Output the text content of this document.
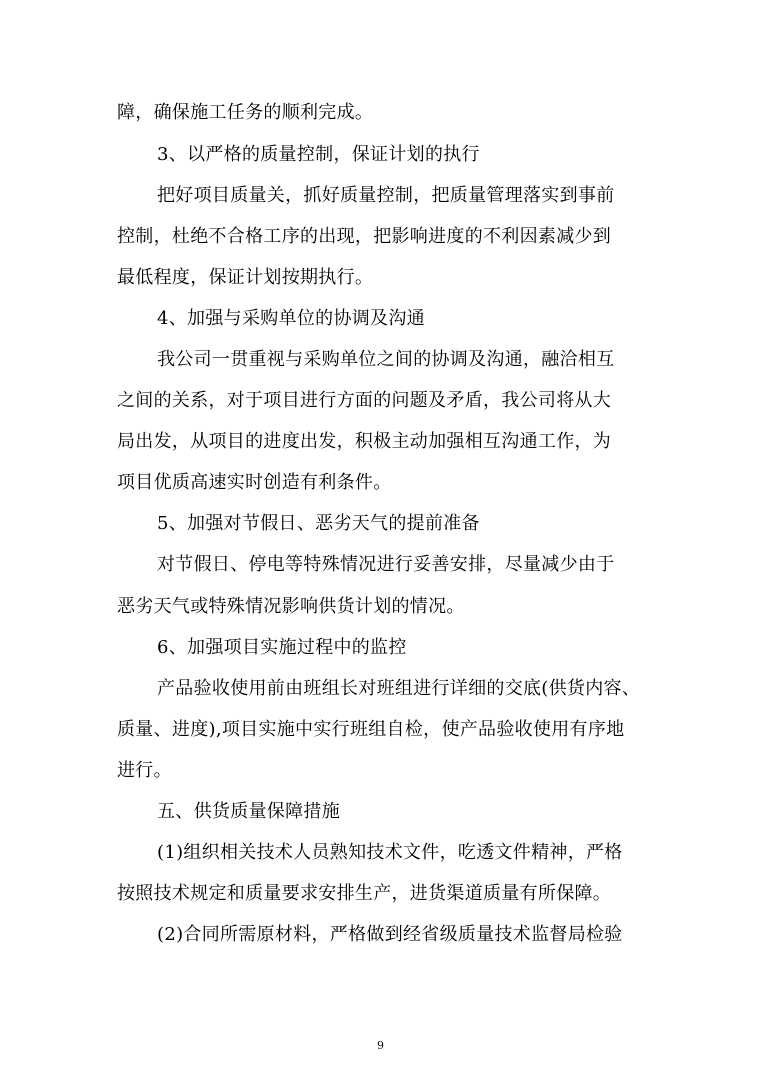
障，确保施工任务的顺利完成。
3、以严格的质量控制，保证计划的执行
把好项目质量关，抓好质量控制，把质量管理落实到事前
控制，杜绝不合格工序的出现，把影响进度的不利因素减少到
最低程度，保证计划按期执行。
4、加强与采购单位的协调及沟通
我公司一贯重视与采购单位之间的协调及沟通，融洽相互
之间的关系，对于项目进行方面的问题及矛盾，我公司将从大
局出发，从项目的进度出发，积极主动加强相互沟通工作，为
项目优质高速实时创造有利条件。
5、加强对节假日、恶劣天气的提前准备
对节假日、停电等特殊情况进行妥善安排，尽量减少由于
恶劣天气或特殊情况影响供货计划的情况。
6、加强项目实施过程中的监控
产品验收使用前由班组长对班组进行详细的交底(供货内容、
质量、进度),项目实施中实行班组自检，使产品验收使用有序地
进行。
五、供货质量保障措施
(1)组织相关技术人员熟知技术文件，吃透文件精神，严格
按照技术规定和质量要求安排生产，进货渠道质量有所保障。
(2)合同所需原材料，严格做到经省级质量技术监督局检验
9
